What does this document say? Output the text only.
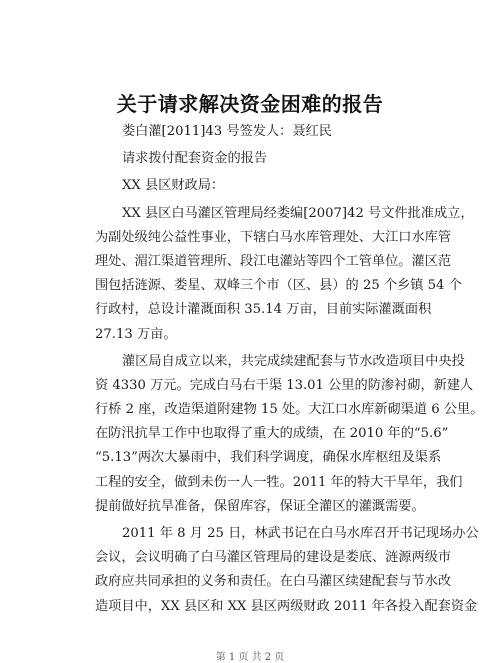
关于请求解决资金困难的报告
娄白灌[2011]43 号签发人：聂红民
请求拨付配套资金的报告
XX 县区财政局：
XX 县区白马灌区管理局经娄编[2007]42 号文件批准成立，
为副处级纯公益性事业，下辖白马水库管理处、大江口水库管
理处、湄江渠道管理所、段江电灌站等四个工管单位。灌区范
围包括涟源、娄星、双峰三个市（区、县）的 25 个乡镇 54 个
行政村，总设计灌溉面积 35.14 万亩，目前实际灌溉面积
27.13 万亩。
灌区局自成立以来，共完成续建配套与节水改造项目中央投
资 4330 万元。完成白马右干渠 13.01 公里的防渗衬砌，新建人
行桥 2 座，改造渠道附建物 15 处。大江口水库新砌渠道 6 公里。
在防汛抗旱工作中也取得了重大的成绩，在 2010 年的“5.6”
“5.13”两次大暴雨中，我们科学调度，确保水库枢纽及渠系
工程的安全，做到未伤一人一牲。2011 年的特大干旱年，我们
提前做好抗旱准备，保留库容，保证全灌区的灌溉需要。
2011 年 8 月 25 日，林武书记在白马水库召开书记现场办公
会议，会议明确了白马灌区管理局的建设是娄底、涟源两级市
政府应共同承担的义务和责任。在白马灌区续建配套与节水改
造项目中，XX 县区和 XX 县区两级财政 2011 年各投入配套资金
第 1 页 共 2 页
